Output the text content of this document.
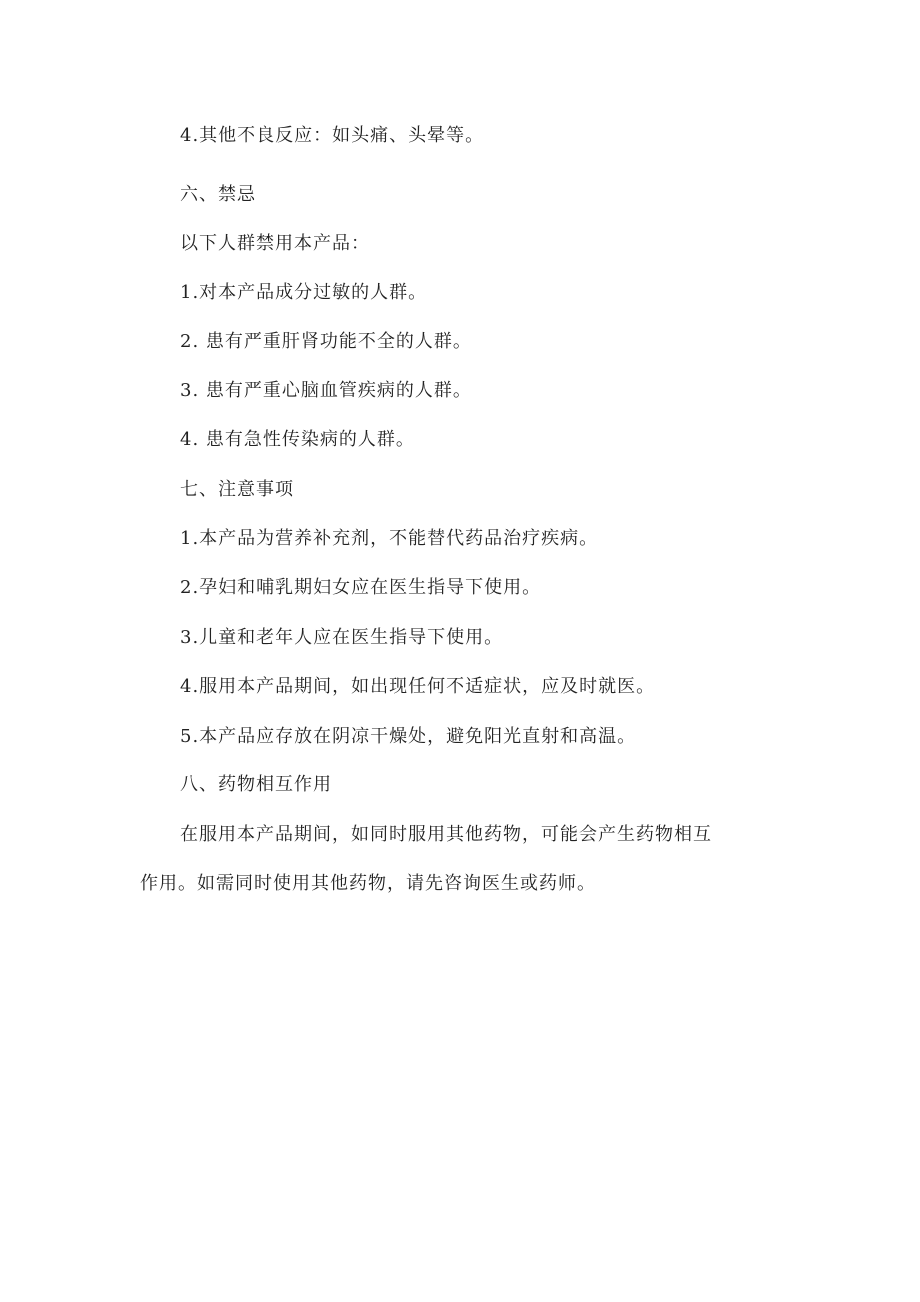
4.其他不良反应：如头痛、头晕等。
六、禁忌
以下人群禁用本产品：
1.对本产品成分过敏的人群。
2. 患有严重肝肾功能不全的人群。
3. 患有严重心脑血管疾病的人群。
4. 患有急性传染病的人群。
七、注意事项
1.本产品为营养补充剂，不能替代药品治疗疾病。
2.孕妇和哺乳期妇女应在医生指导下使用。
3.儿童和老年人应在医生指导下使用。
4.服用本产品期间，如出现任何不适症状，应及时就医。
5.本产品应存放在阴凉干燥处，避免阳光直射和高温。
八、药物相互作用
在服用本产品期间，如同时服用其他药物，可能会产生药物相互
作用。如需同时使用其他药物，请先咨询医生或药师。
